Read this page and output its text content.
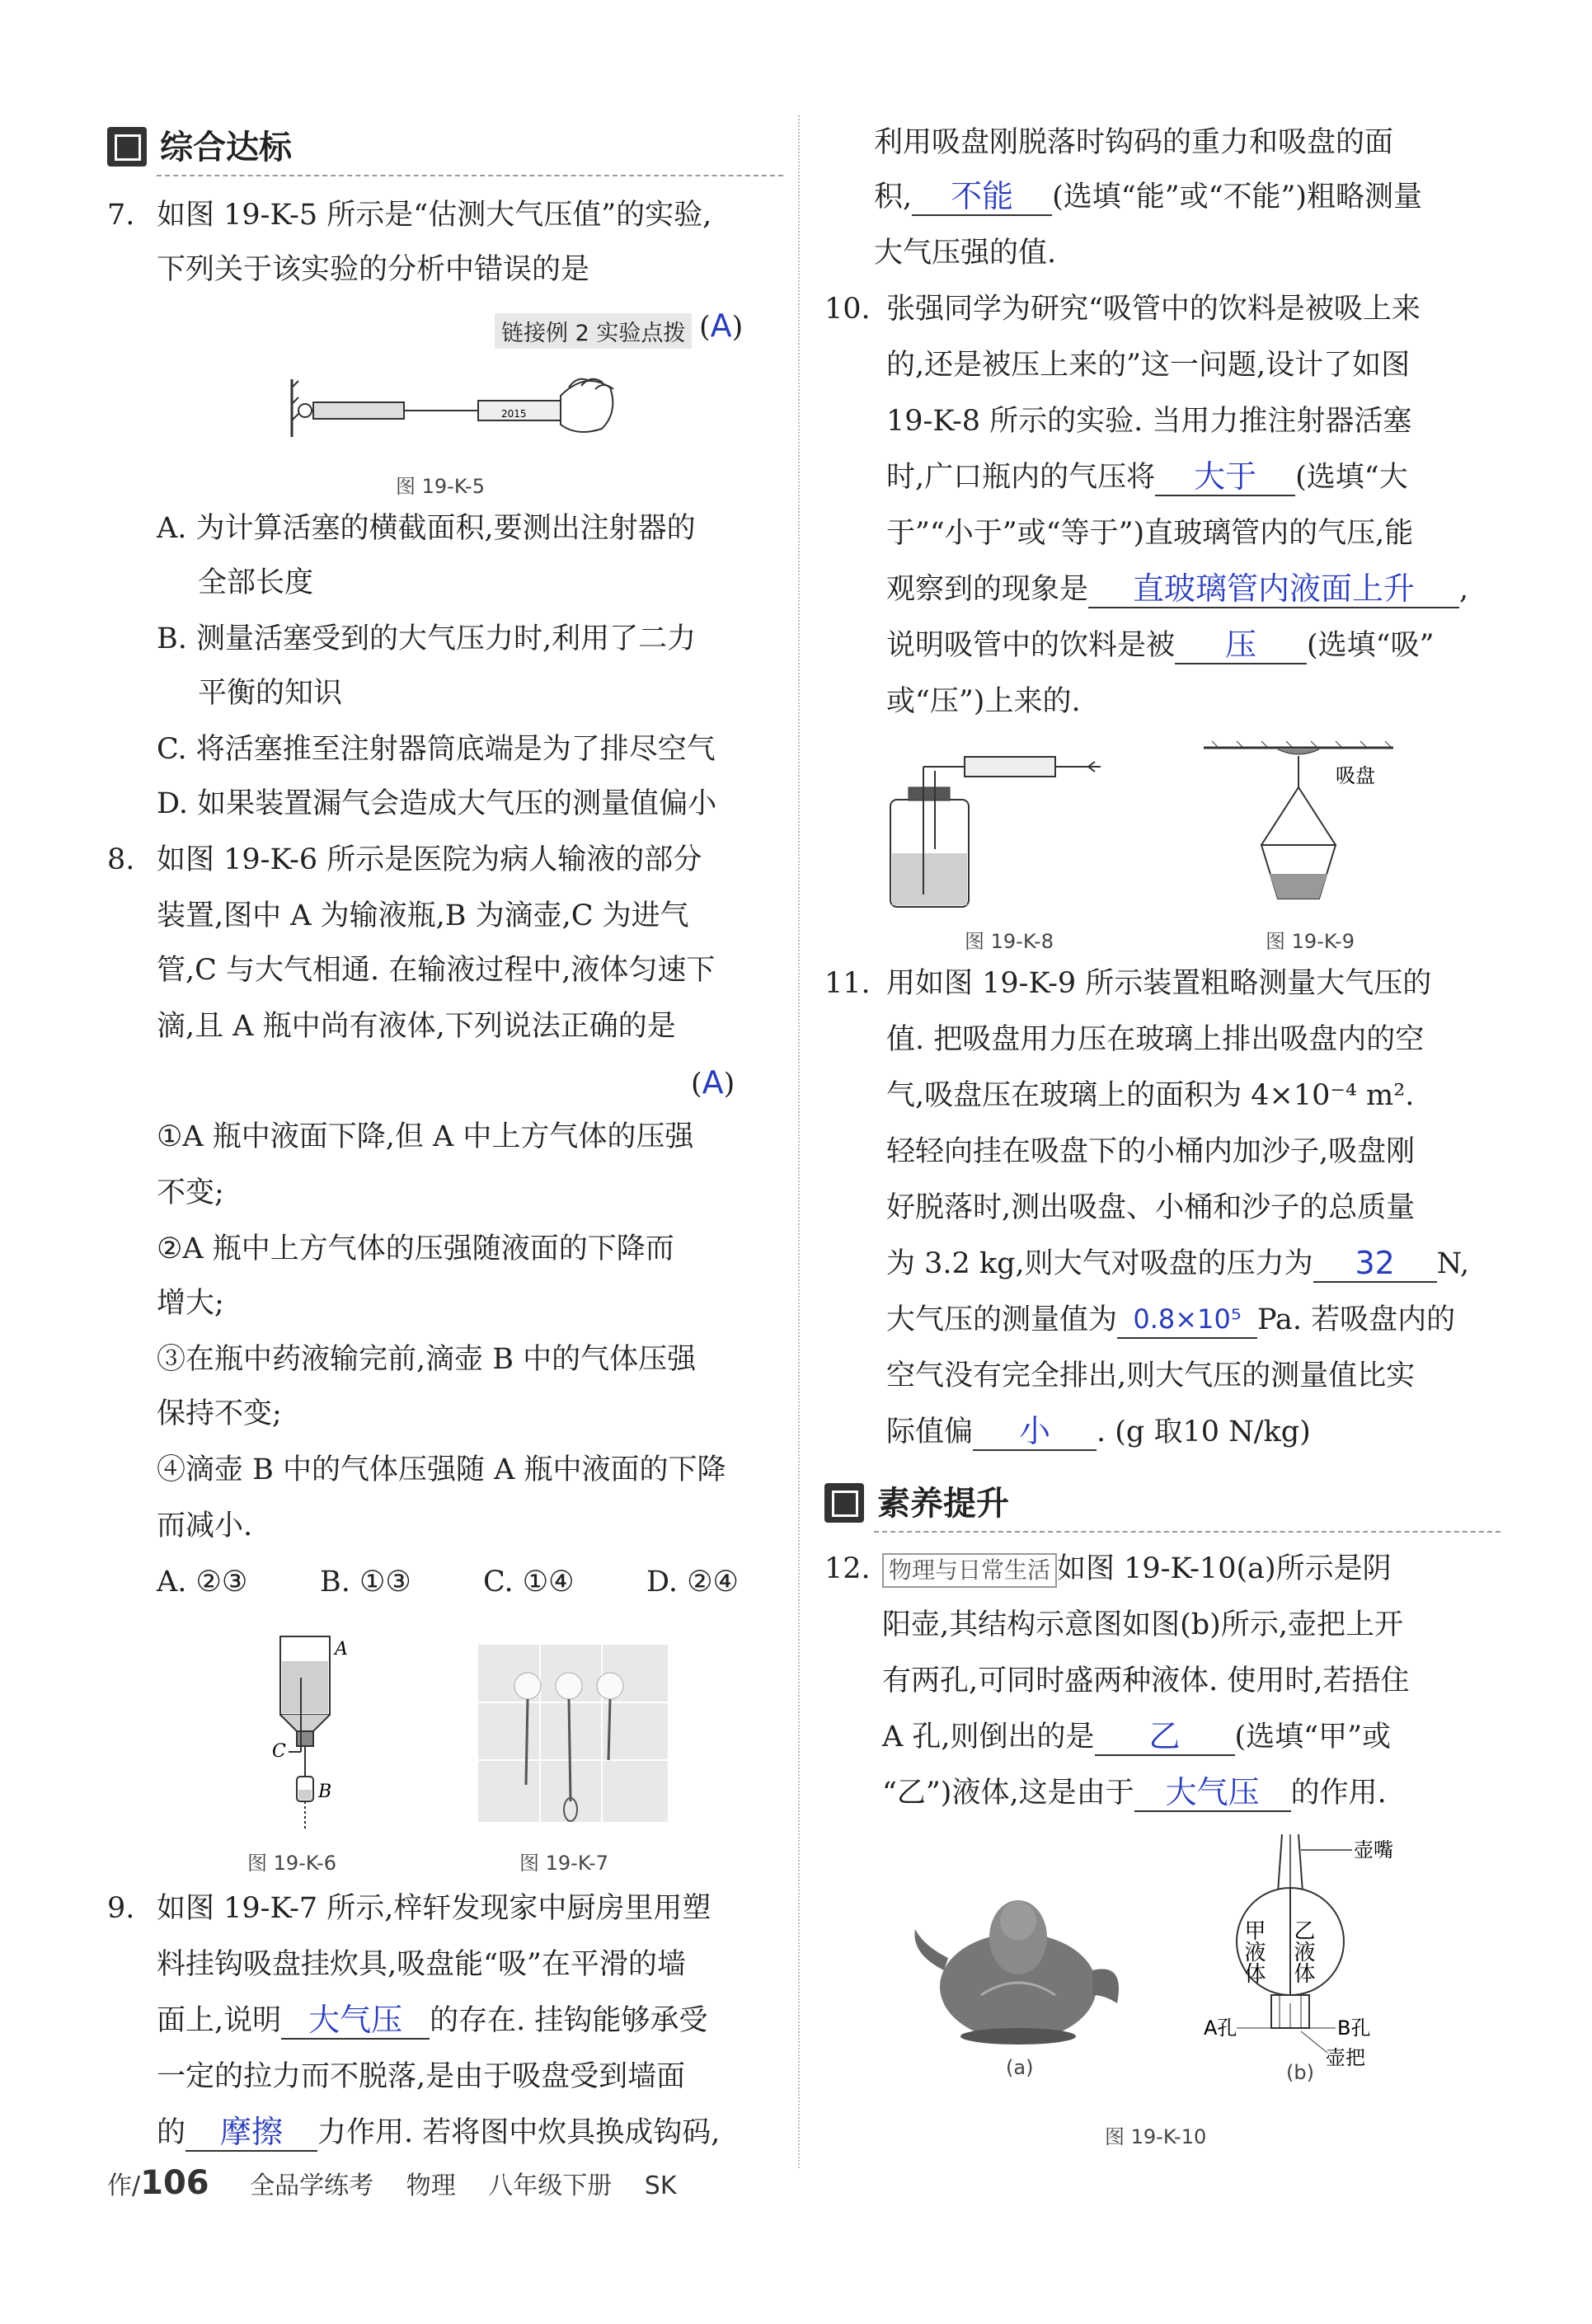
综合达标
7. 如图 19-K-5 所示是“估测大气压值”的实验,
下列关于该实验的分析中错误的是
链接例 2 实验点拨 (A)
2015
图 19-K-5
A. 为计算活塞的横截面积,要测出注射器的
全部长度
B. 测量活塞受到的大气压力时,利用了二力
平衡的知识
C. 将活塞推至注射器筒底端是为了排尽空气
D. 如果装置漏气会造成大气压的测量值偏小
8. 如图 19-K-6 所示是医院为病人输液的部分
装置,图中 A 为输液瓶,B 为滴壶,C 为进气
管,C 与大气相通. 在输液过程中,液体匀速下
滴,且 A 瓶中尚有液体,下列说法正确的是
(A)
①A 瓶中液面下降,但 A 中上方气体的压强
不变;
②A 瓶中上方气体的压强随液面的下降而
增大;
③在瓶中药液输完前,滴壶 B 中的气体压强
保持不变;
④滴壶 B 中的气体压强随 A 瓶中液面的下降
而减小.
A. ②③	B. ①③ C. ①④ D. ②④
A
C
B
图 19-K-6	图 19-K-7
9. 如图 19-K-7 所示,梓轩发现家中厨房里用塑
料挂钩吸盘挂炊具,吸盘能“吸”在平滑的墙
面上,说明 大气压 的存在. 挂钩能够承受
一定的拉力而不脱落,是由于吸盘受到墙面
的	摩擦	力作用. 若将图中炊具换成钩码,
利用吸盘刚脱落时钩码的重力和吸盘的面
积,	不能	(选填“能”或“不能”)粗略测量
大气压强的值.
10. 张强同学为研究“吸管中的饮料是被吸上来
的,还是被压上来的”这一问题,设计了如图
19-K-8 所示的实验. 当用力推注射器活塞
时,广口瓶内的气压将	大于	(选填“大
于”“小于”或“等于”)直玻璃管内的气压,能
观察到的现象是	直玻璃管内液面上升	,
说明吸管中的饮料是被	压	(选填“吸”
或“压”)上来的.
图 19-K-8
吸盘
图 19-K-9
11. 用如图 19-K-9 所示装置粗略测量大气压的
值. 把吸盘用力压在玻璃上排出吸盘内的空
气,吸盘压在玻璃上的面积为 4×10⁻⁴ m².
轻轻向挂在吸盘下的小桶内加沙子,吸盘刚
好脱落时,测出吸盘、小桶和沙子的总质量
为 3.2 kg,则大气对吸盘的压力为	32	N,
大气压的测量值为 0.8×10⁵ Pa. 若吸盘内的
空气没有完全排出,则大气压的测量值比实
际值偏	小	. (g 取10 N/kg)
素养提升
12. 物理与日常生活 如图 19-K-10(a)所示是阴
阳壶,其结构示意图如图(b)所示,壶把上开
有两孔,可同时盛两种液体. 使用时,若捂住
A 孔,则倒出的是	乙	(选填“甲”或
“乙”)液体,这是由于 大气压	的作用.
(a)
壶嘴
甲液体 乙液体
A孔	B孔
壶把
(b)
图 19-K-10
作/106 全品学练考 物理 八年级下册 SK
